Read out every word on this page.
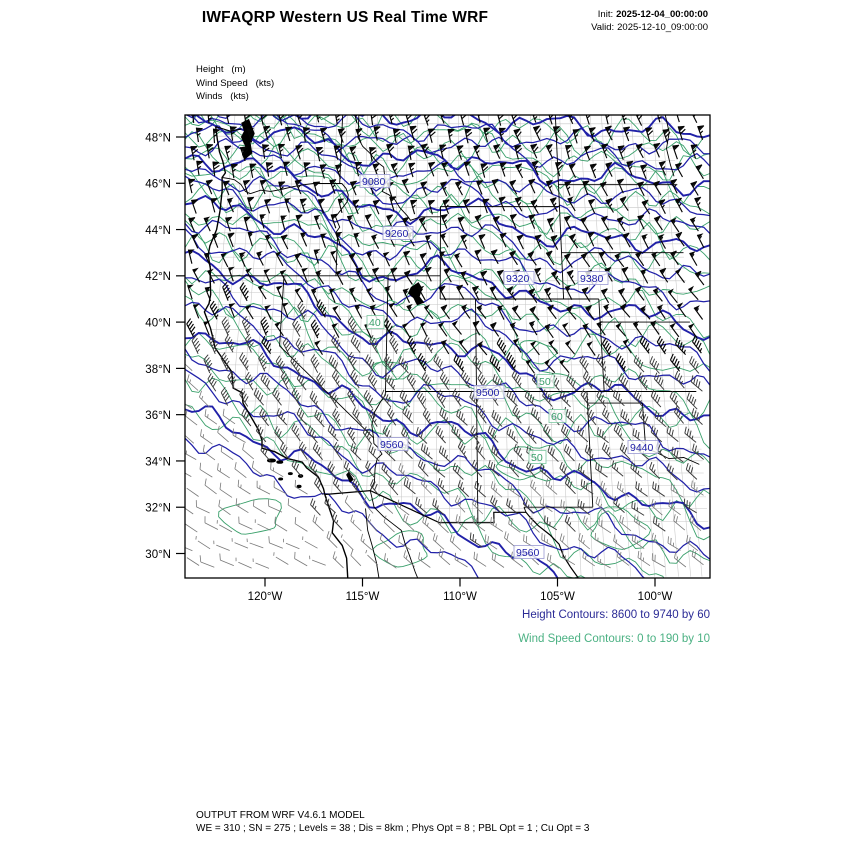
IWFAQRP Western US Real Time WRF	Init: 2025-12-04_00:00:00
Valid: 2025-12-10_09:00:00
Height   (m)
Wind Speed   (kts)
Winds   (kts)
9080
9260
9320	9380
9500
9560	9440
9560
40
50
60
50
48°N
46°N
44°N
42°N
40°N
38°N
36°N
34°N
32°N
30°N
120°W	115°W	110°W	105°W	100°W
Height Contours: 8600 to 9740 by 60
Wind Speed Contours: 0 to 190 by 10
OUTPUT FROM WRF V4.6.1 MODEL
WE = 310 ; SN = 275 ; Levels = 38 ; Dis = 8km ; Phys Opt = 8 ; PBL Opt = 1 ; Cu Opt = 3
